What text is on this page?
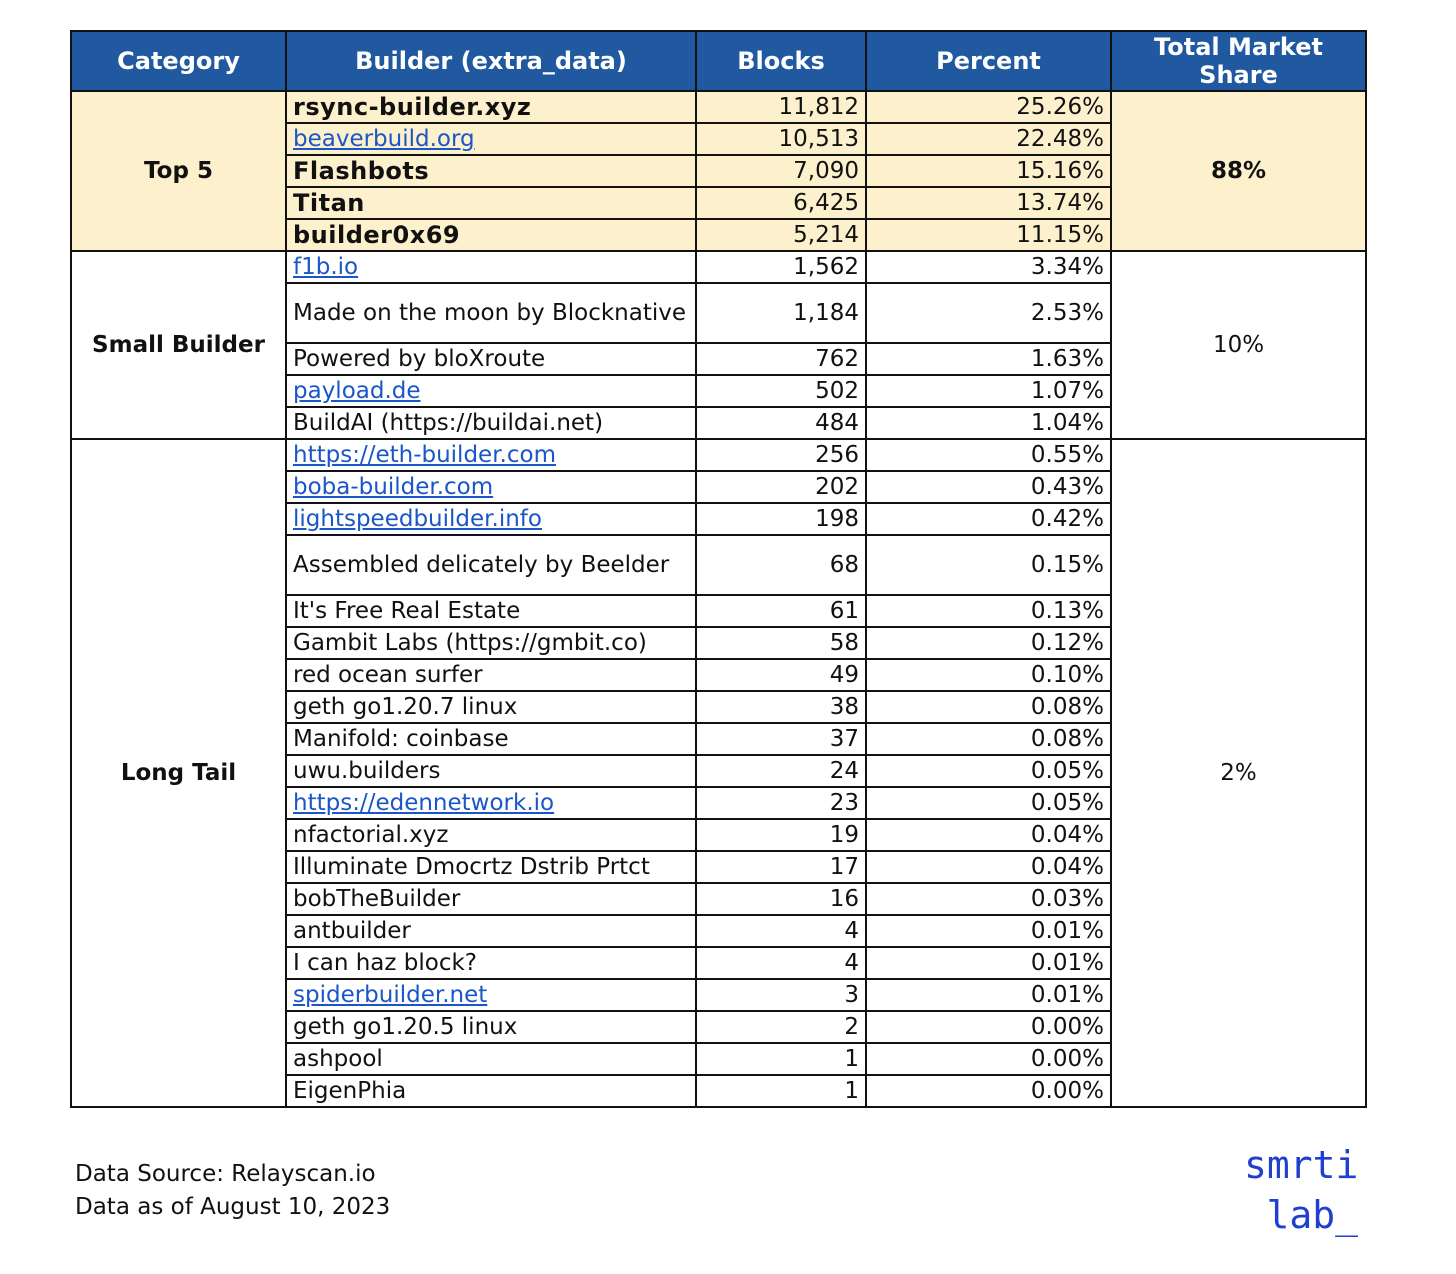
Category	Builder (extra_data)	Blocks	Percent	Total Market Share
Top 5	rsync-builder.xyz	11,812	25.26%	88%
	beaverbuild.org	10,513	22.48%	
	Flashbots	7,090	15.16%	
	Titan	6,425	13.74%	
	builder0x69	5,214	11.15%	
Small Builder	f1b.io	1,562	3.34%	10%
	Made on the moon by Blocknative	1,184	2.53%	
	Powered by bloXroute	762	1.63%	
	payload.de	502	1.07%	
	BuildAI (https://buildai.net)	484	1.04%	
Long Tail	https://eth-builder.com	256	0.55%	2%
	boba-builder.com	202	0.43%	
	lightspeedbuilder.info	198	0.42%	
	Assembled delicately by Beelder	68	0.15%	
	It's Free Real Estate	61	0.13%	
	Gambit Labs (https://gmbit.co)	58	0.12%	
	red ocean surfer	49	0.10%	
	geth go1.20.7 linux	38	0.08%	
	Manifold: coinbase	37	0.08%	
	uwu.builders	24	0.05%	
	https://edennetwork.io	23	0.05%	
	nfactorial.xyz	19	0.04%	
	Illuminate Dmocrtz Dstrib Prtct	17	0.04%	
	bobTheBuilder	16	0.03%	
	antbuilder	4	0.01%	
	I can haz block?	4	0.01%	
	spiderbuilder.net	3	0.01%	
	geth go1.20.5 linux	2	0.00%	
	ashpool	1	0.00%	
	EigenPhia	1	0.00%	
Data Source: Relayscan.io
Data as of August 10, 2023
smrti
lab_
